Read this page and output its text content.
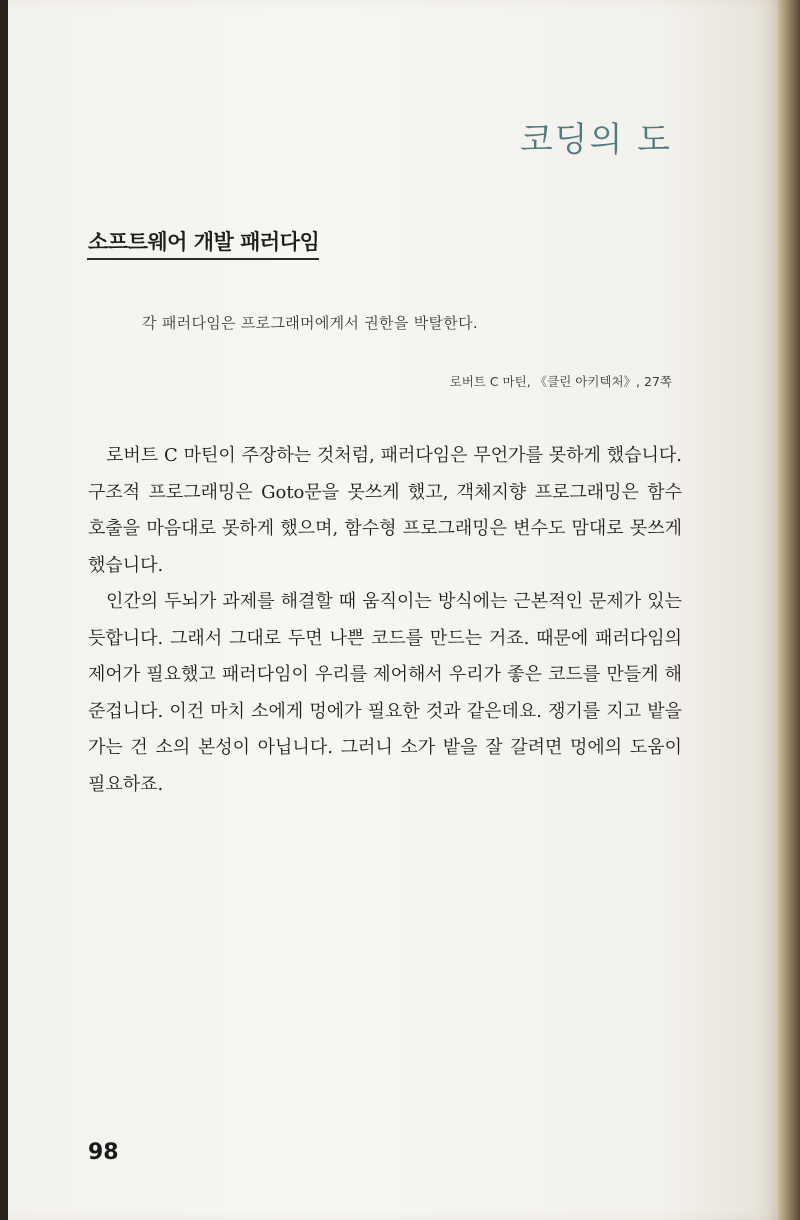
코딩의 도
소프트웨어 개발 패러다임
각 패러다임은 프로그래머에게서 권한을 박탈한다.
로버트 C 마틴, 《클린 아키텍처》, 27쪽

로버트 C 마틴이 주장하는 것처럼, 패러다임은 무언가를 못하게 했습니다. 구조적 프로그래밍은 Goto문을 못쓰게 했고, 객체지향 프로그래밍은 함수 호출을 마음대로 못하게 했으며, 함수형 프로그래밍은 변수도 맘대로 못쓰게 했습니다.

인간의 두뇌가 과제를 해결할 때 움직이는 방식에는 근본적인 문제가 있는 듯합니다. 그래서 그대로 두면 나쁜 코드를 만드는 거죠. 때문에 패러다임의 제어가 필요했고 패러다임이 우리를 제어해서 우리가 좋은 코드를 만들게 해 준겁니다. 이건 마치 소에게 멍에가 필요한 것과 같은데요. 쟁기를 지고 밭을 가는 건 소의 본성이 아닙니다. 그러니 소가 밭을 잘 갈려면 멍에의 도움이 필요하죠.

98
